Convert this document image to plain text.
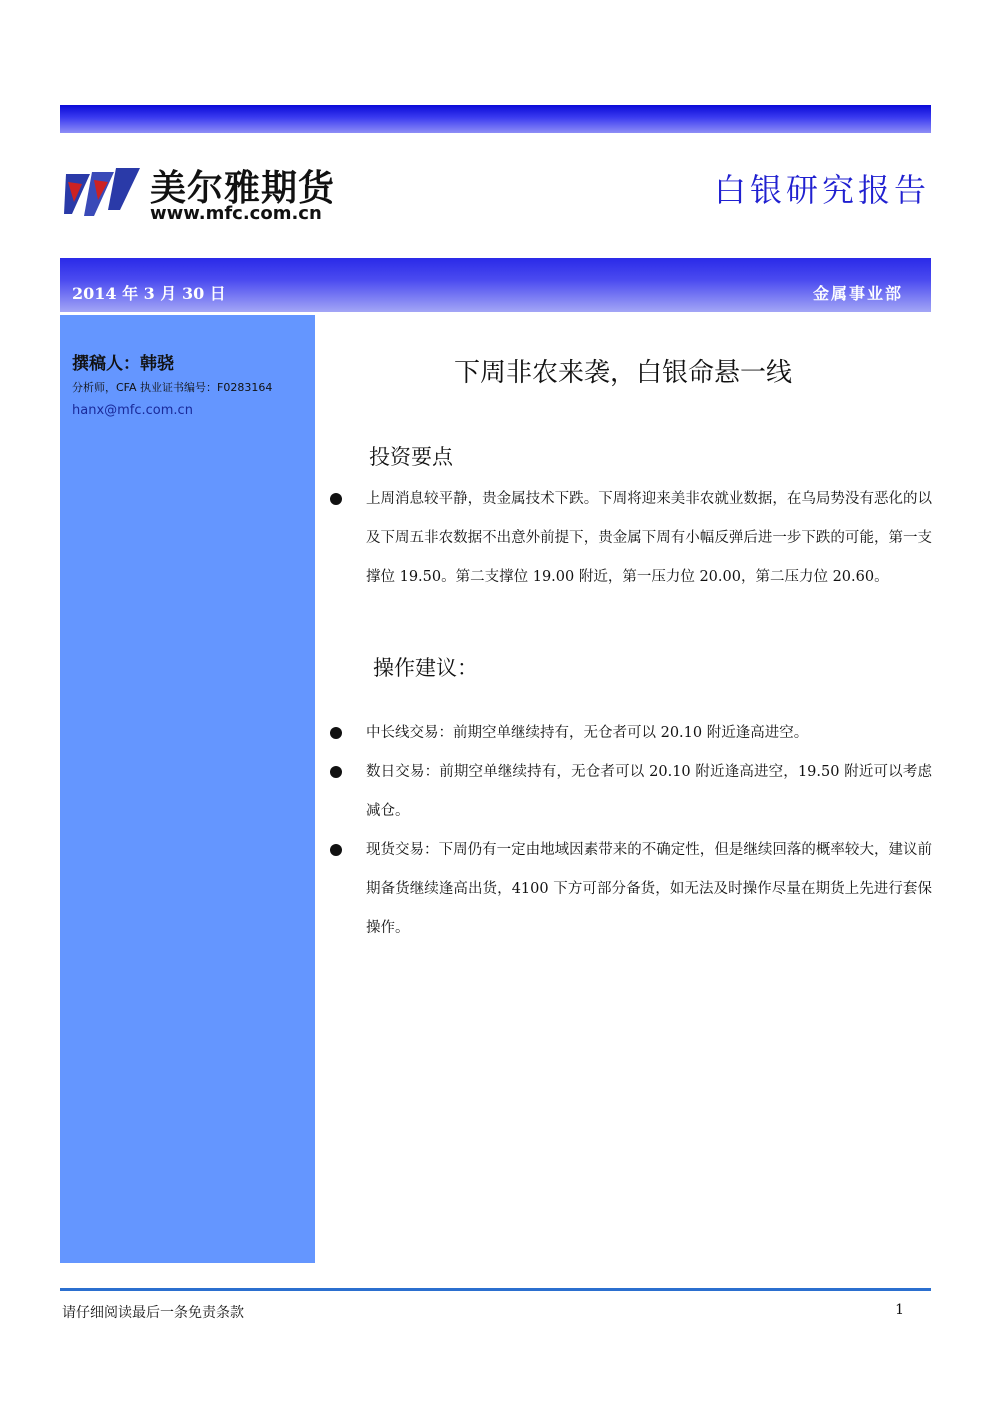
美尔雅期货
www.mfc.com.cn
白银研究报告
2014 年 3 月 30 日	金属事业部
撰稿人：韩骁
分析师，CFA 执业证书编号：F0283164
hanx@mfc.com.cn
下周非农来袭，白银命悬一线
投资要点
上周消息较平静，贵金属技术下跌。下周将迎来美非农就业数据，在乌局势没有恶化的以及下周五非农数据不出意外前提下，贵金属下周有小幅反弹后进一步下跌的可能，第一支撑位 19.50。第二支撑位 19.00 附近，第一压力位 20.00，第二压力位 20.60。
操作建议：
中长线交易：前期空单继续持有，无仓者可以 20.10 附近逢高进空。
数日交易：前期空单继续持有，无仓者可以 20.10 附近逢高进空，19.50 附近可以考虑减仓。
现货交易：下周仍有一定由地域因素带来的不确定性，但是继续回落的概率较大，建议前期备货继续逢高出货，4100 下方可部分备货，如无法及时操作尽量在期货上先进行套保操作。
请仔细阅读最后一条免责条款	1
